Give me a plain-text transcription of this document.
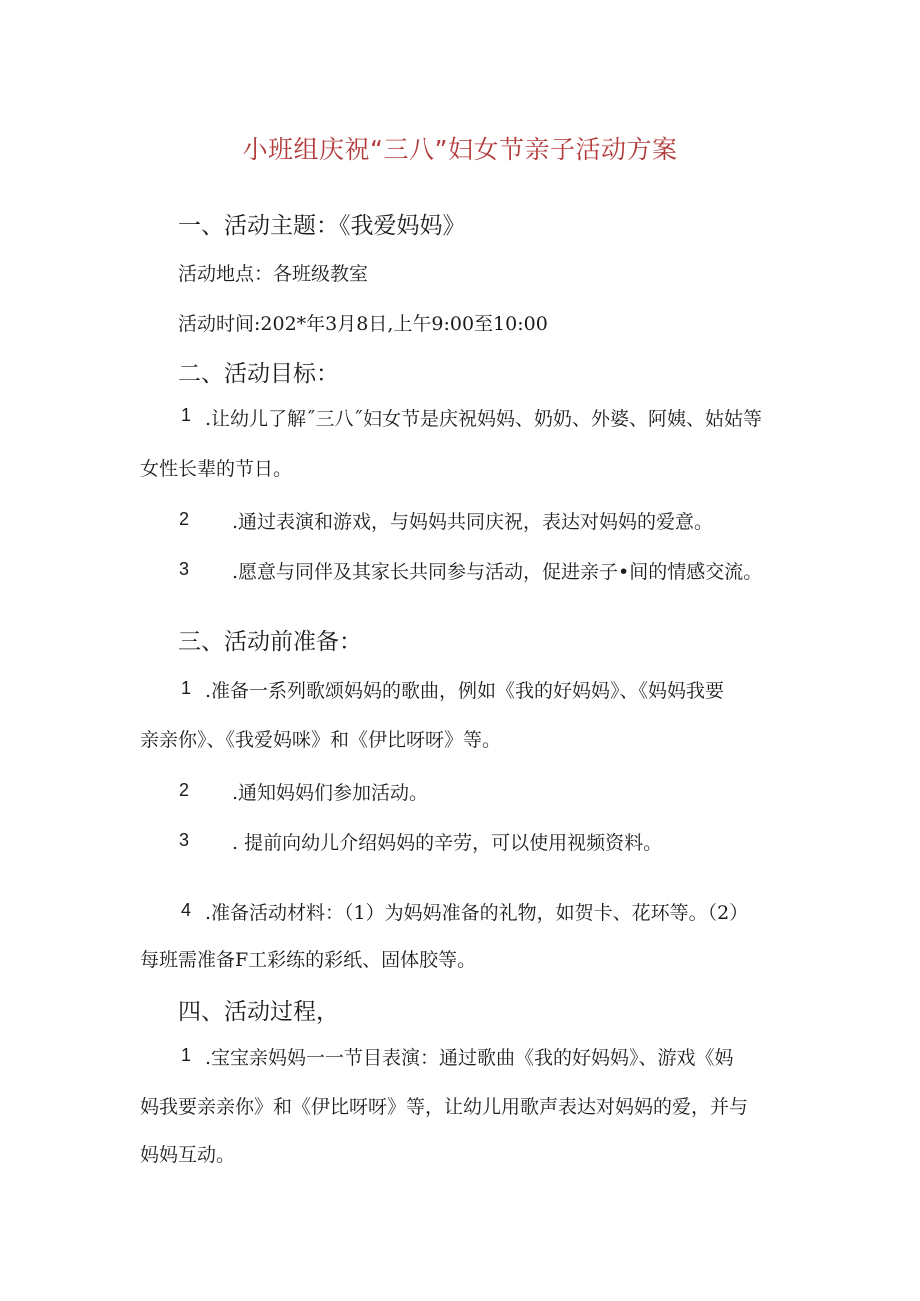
小班组庆祝“三八”妇女节亲子活动方案
一、活动主题：《我爱妈妈》
活动地点：各班级教室
活动时间:202*年3月8日,上午9:00至10:00
二、活动目标：
1 .让幼儿了解˝三八˝妇女节是庆祝妈妈、奶奶、外婆、阿姨、姑姑等
女性长辈的节日。
2 .通过表演和游戏，与妈妈共同庆祝，表达对妈妈的爱意。
3 .愿意与同伴及其家长共同参与活动，促进亲子•间的情感交流。
三、活动前准备：
1 .准备一系列歌颂妈妈的歌曲，例如《我的好妈妈》、《妈妈我要
亲亲你》、《我爱妈咪》和《伊比呀呀》等。
2 .通知妈妈们参加活动。
3 . 提前向幼儿介绍妈妈的辛劳，可以使用视频资料。
4 .准备活动材料：（1）为妈妈准备的礼物，如贺卡、花环等。（2）
每班需准备F工彩练的彩纸、固体胶等。
四、活动过程，
1 .宝宝亲妈妈一一节目表演：通过歌曲《我的好妈妈》、游戏《妈
妈我要亲亲你》和《伊比呀呀》等，让幼儿用歌声表达对妈妈的爱，并与
妈妈互动。
